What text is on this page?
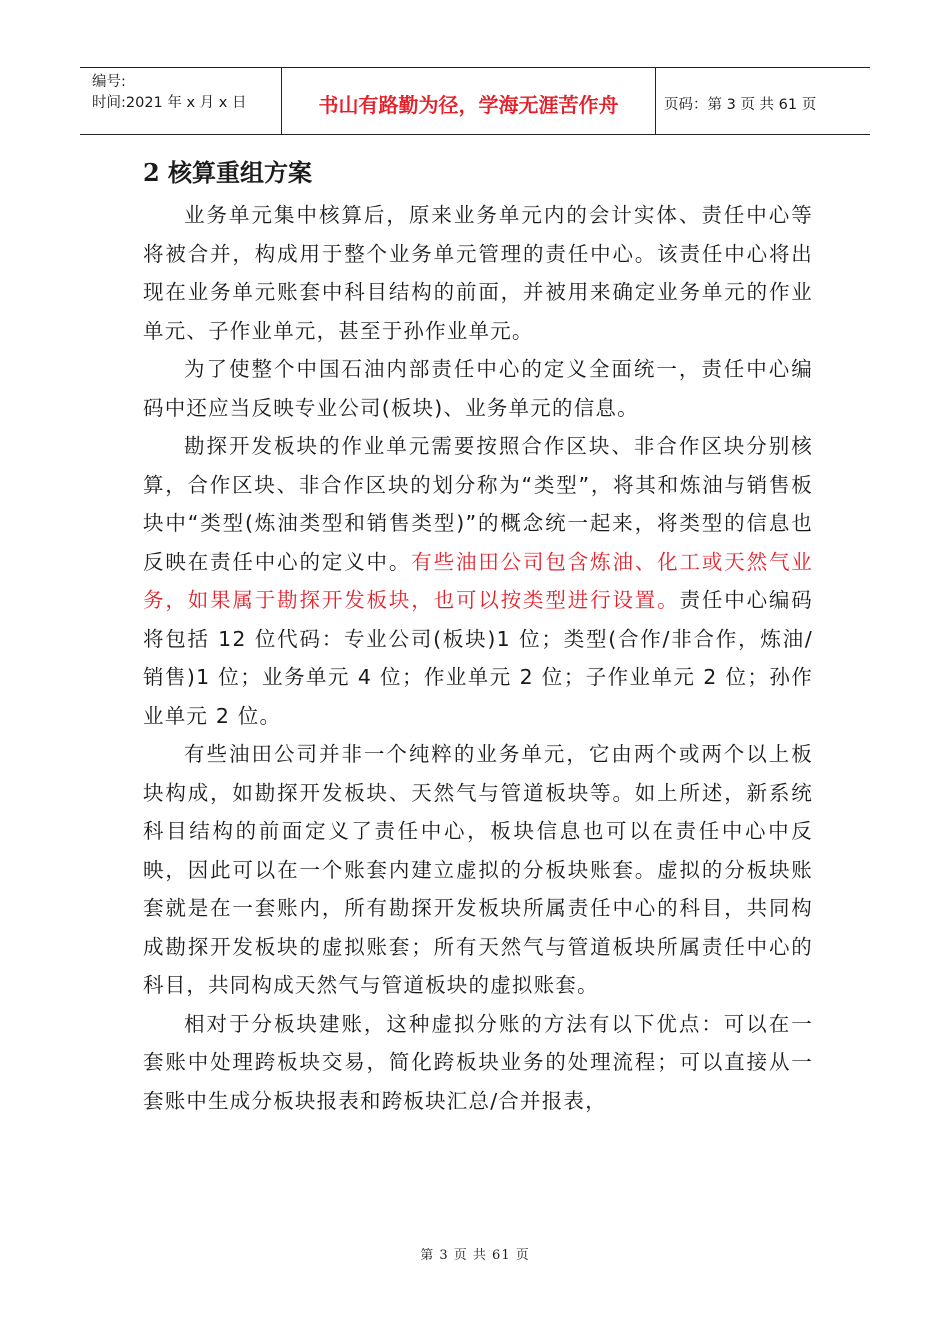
编号:
时间:2021 年 x 月 x 日	书山有路勤为径，学海无涯苦作舟	页码：第 3 页 共 61 页
2 核算重组方案

业务单元集中核算后，原来业务单元内的会计实体、责任中心等将被合并，构成用于整个业务单元管理的责任中心。该责任中心将出现在业务单元账套中科目结构的前面，并被用来确定业务单元的作业单元、子作业单元，甚至于孙作业单元。

为了使整个中国石油内部责任中心的定义全面统一，责任中心编码中还应当反映专业公司(板块)、业务单元的信息。

勘探开发板块的作业单元需要按照合作区块、非合作区块分别核算，合作区块、非合作区块的划分称为“类型”，将其和炼油与销售板块中“类型(炼油类型和销售类型)”的概念统一起来，将类型的信息也反映在责任中心的定义中。有些油田公司包含炼油、化工或天然气业务，如果属于勘探开发板块，也可以按类型进行设置。责任中心编码将包括 12 位代码：专业公司(板块)1 位；类型(合作/非合作，炼油/销售)1 位；业务单元 4 位；作业单元 2 位；子作业单元 2 位；孙作业单元 2 位。

有些油田公司并非一个纯粹的业务单元，它由两个或两个以上板块构成，如勘探开发板块、天然气与管道板块等。如上所述，新系统科目结构的前面定义了责任中心，板块信息也可以在责任中心中反映，因此可以在一个账套内建立虚拟的分板块账套。虚拟的分板块账套就是在一套账内，所有勘探开发板块所属责任中心的科目，共同构成勘探开发板块的虚拟账套；所有天然气与管道板块所属责任中心的科目，共同构成天然气与管道板块的虚拟账套。

相对于分板块建账，这种虚拟分账的方法有以下优点：可以在一套账中处理跨板块交易，简化跨板块业务的处理流程；可以直接从一套账中生成分板块报表和跨板块汇总/合并报表，

第 3 页 共 61 页
